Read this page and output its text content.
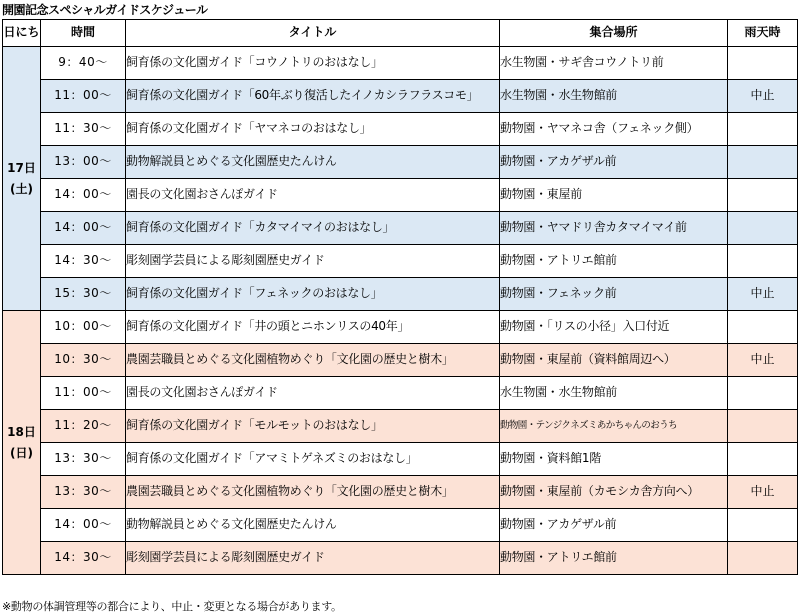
開園記念スペシャルガイドスケジュール
日にち	時間	タイトル	集合場所	雨天時

17日
(土)	9：40～	飼育係の文化園ガイド「コウノトリのおはなし」	水生物園・サギ舎コウノトリ前	
	11：00～	飼育係の文化園ガイド「60年ぶり復活したイノカシラフラスコモ」	水生物園・水生物館前	中止
	11：30～	飼育係の文化園ガイド「ヤマネコのおはなし」	動物園・ヤマネコ舎（フェネック側）	
	13：00～	動物解説員とめぐる文化園歴史たんけん	動物園・アカゲザル前	
	14：00～	園長の文化園おさんぽガイド	動物園・東屋前	
	14：00～	飼育係の文化園ガイド「カタマイマイのおはなし」	動物園・ヤマドリ舎カタマイマイ前	
	14：30～	彫刻園学芸員による彫刻園歴史ガイド	動物園・アトリエ館前	
	15：30～	飼育係の文化園ガイド「フェネックのおはなし」	動物園・フェネック前	中止

18日
(日)	10：00～	飼育係の文化園ガイド「井の頭とニホンリスの40年」	動物園・「リスの小径」入口付近	
	10：30～	農園芸職員とめぐる文化園植物めぐり「文化園の歴史と樹木」	動物園・東屋前（資料館周辺へ）	中止
	11：00～	園長の文化園おさんぽガイド	水生物園・水生物館前	
	11：20～	飼育係の文化園ガイド「モルモットのおはなし」	動物園・テンジクネズミあかちゃんのおうち	
	13：30～	飼育係の文化園ガイド「アマミトゲネズミのおはなし」	動物園・資料館1階	
	13：30～	農園芸職員とめぐる文化園植物めぐり「文化園の歴史と樹木」	動物園・東屋前（カモシカ舎方向へ）	中止
	14：00～	動物解説員とめぐる文化園歴史たんけん	動物園・アカゲザル前	
	14：30～	彫刻園学芸員による彫刻園歴史ガイド	動物園・アトリエ館前	
※動物の体調管理等の都合により、中止・変更となる場合があります。
